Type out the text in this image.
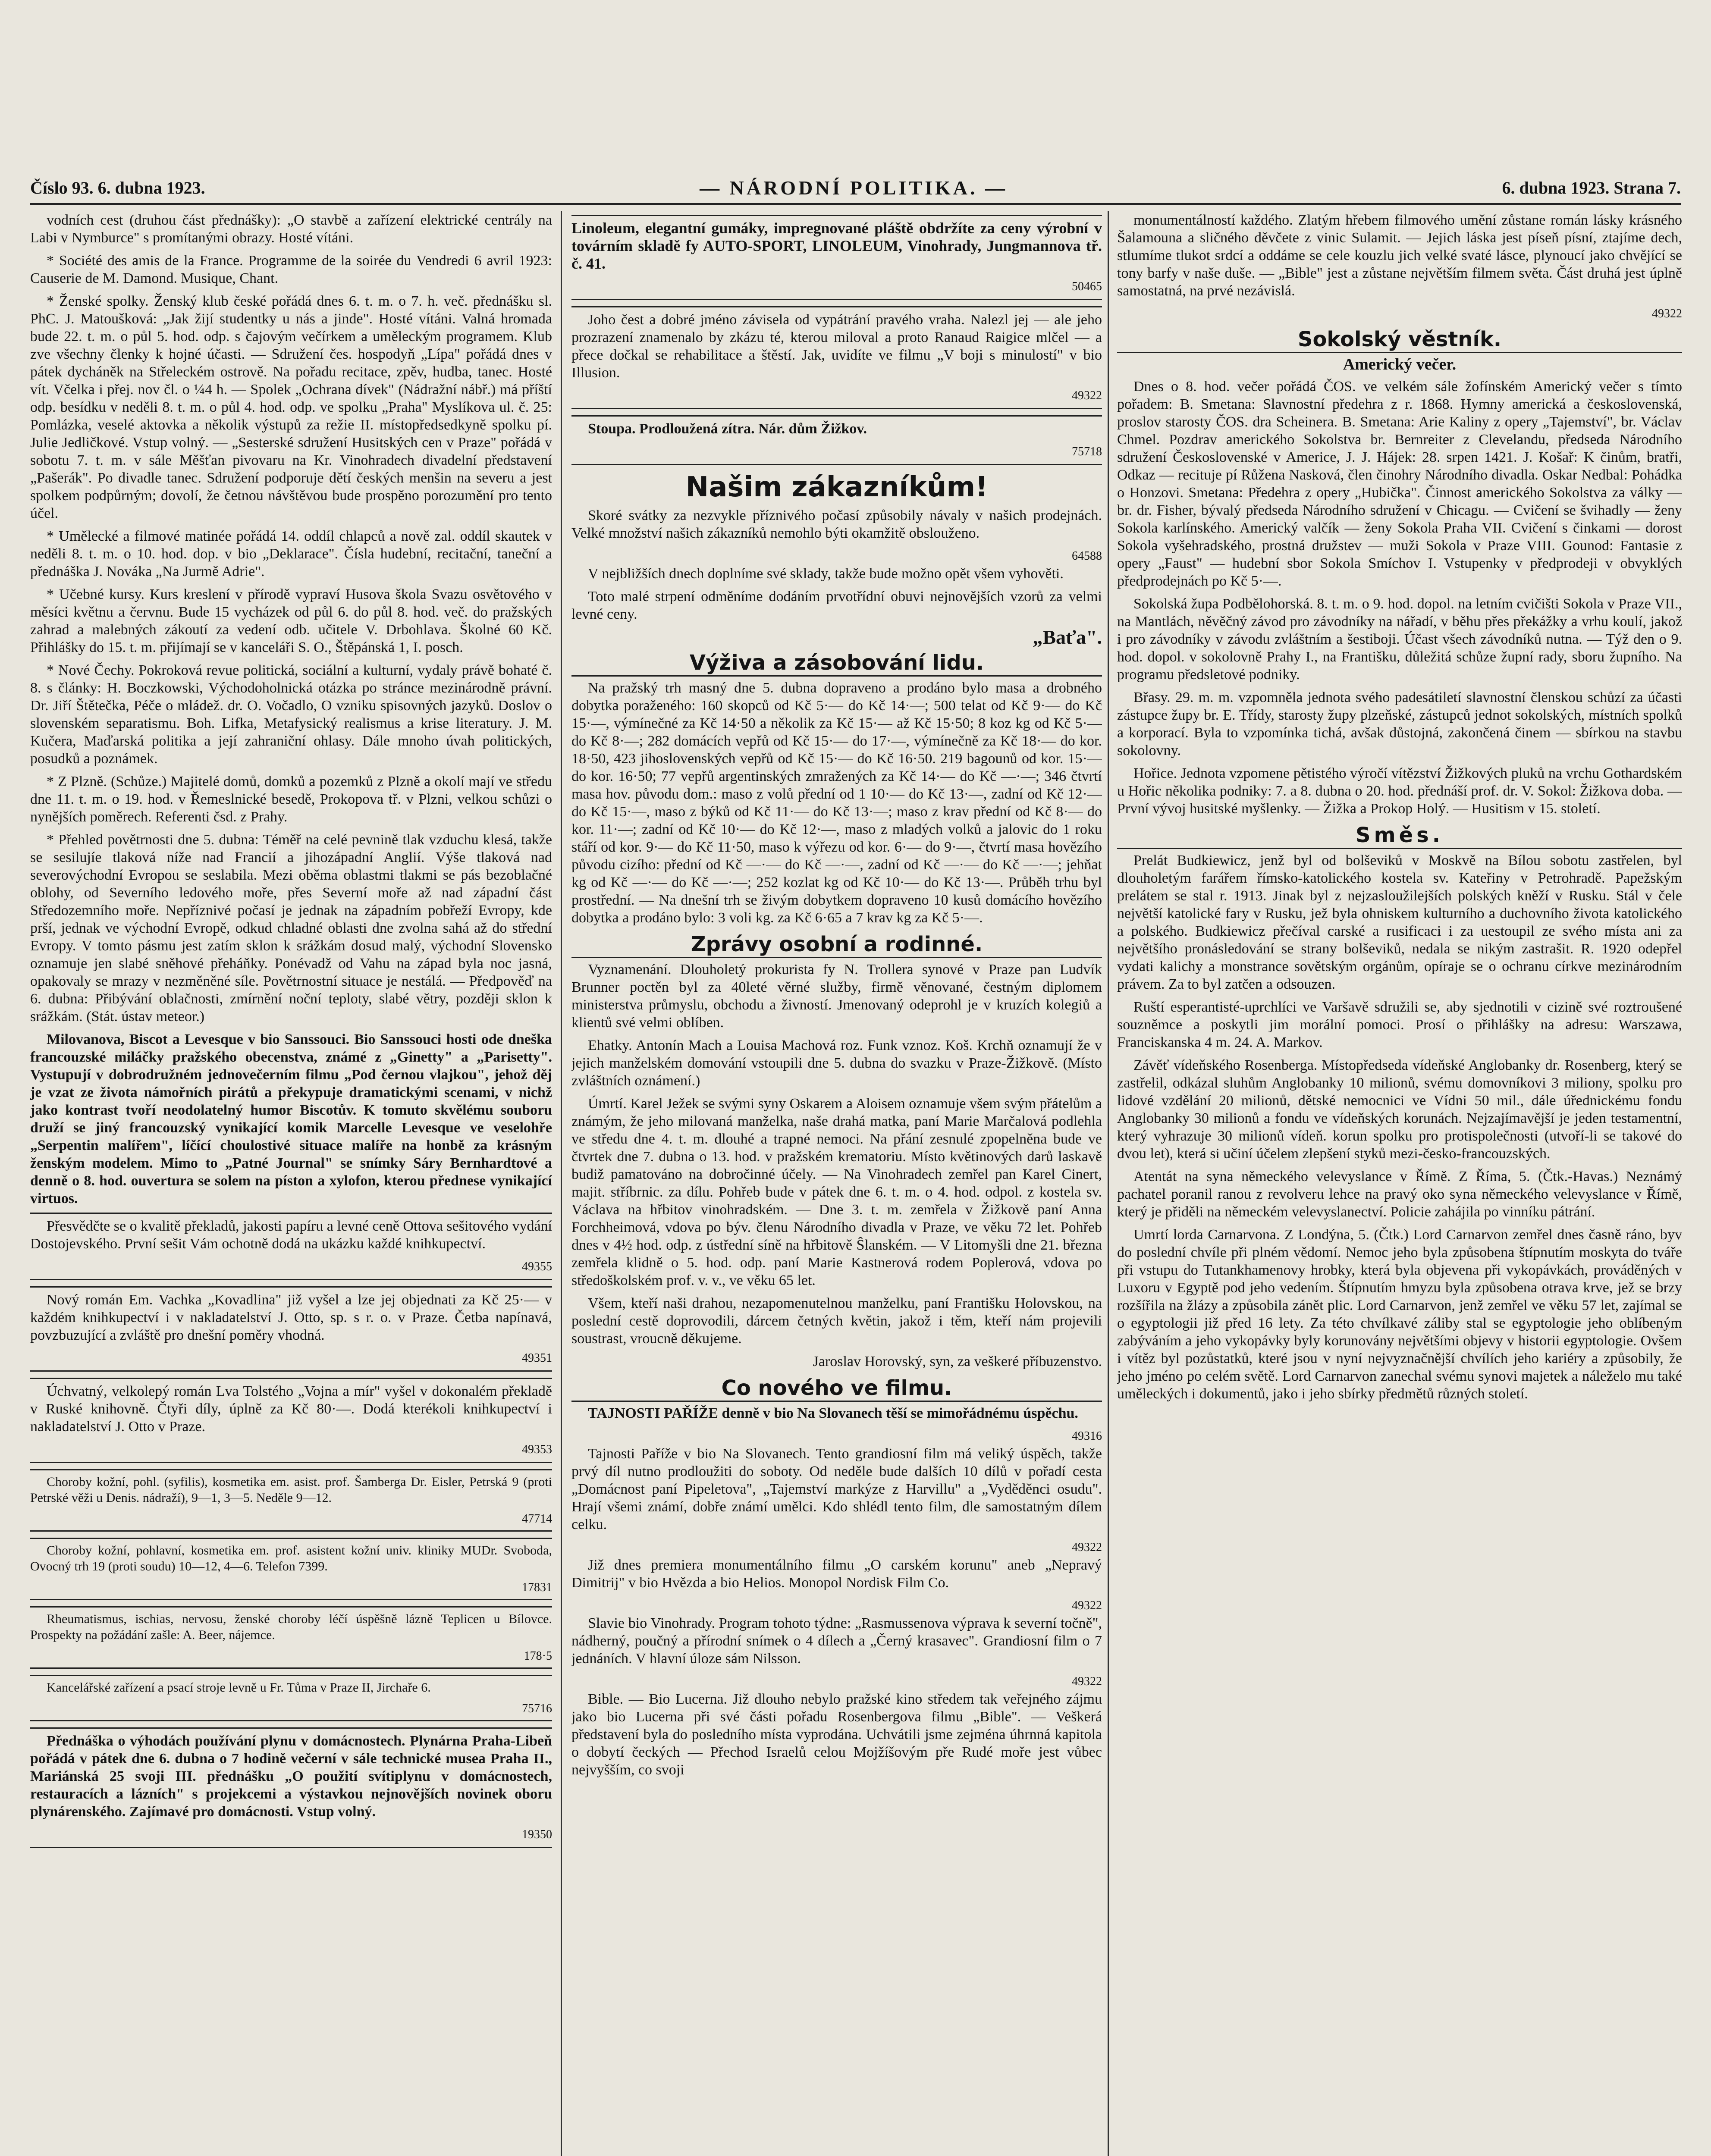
Číslo 93. 6. dubna 1923.	— NÁRODNÍ POLITIKA. —	6. dubna 1923. Strana 7.

vodních cest (druhou část přednášky): „O stavbě a zařízení elektrické centrály na Labi v Nymburce" s promítanými obrazy. Hosté vítáni.

* Société des amis de la France. Programme de la soirée du Vendredi 6 avril 1923: Causerie de M. Damond. Musique, Chant.

* Ženské spolky. Ženský klub české pořádá dnes 6. t. m. o 7. h. več. přednášku sl. PhC. J. Matoušková: „Jak žijí studentky u nás a jinde". Hosté vítáni. Valná hromada bude 22. t. m. o půl 5. hod. odp. s čajovým večírkem a uměleckým programem. Klub zve všechny členky k hojné účasti. — Sdružení čes. hospodyň „Lípa" pořádá dnes v pátek dycháněk na Střeleckém ostrově. Na pořadu recitace, zpěv, hudba, tanec. Hosté vít. Včelka i přej. nov čl. o ¼4 h. — Spolek „Ochrana dívek" (Nádražní nábř.) má příští odp. besídku v neděli 8. t. m. o půl 4. hod. odp. ve spolku „Praha" Myslíkova ul. č. 25: Pomlázka, veselé aktovka a několik výstupů za režie II. místopředsedkyně spolku pí. Julie Jedličkové. Vstup volný. — „Sesterské sdružení Husitských cen v Praze" pořádá v sobotu 7. t. m. v sále Měšťan pivovaru na Kr. Vinohradech divadelní představení „Pašerák". Po divadle tanec. Sdružení podporuje dětí českých menšin na severu a jest spolkem podpůrným; dovolí, že četnou návštěvou bude prospěno porozumění pro tento účel.

* Umělecké a filmové matinée pořádá 14. oddíl chlapců a nově zal. oddíl skautek v neděli 8. t. m. o 10. hod. dop. v bio „Deklarace". Čísla hudební, recitační, taneční a přednáška J. Nováka „Na Jurmě Adrie".

* Učebné kursy. Kurs kreslení v přírodě vypraví Husova škola Svazu osvětového v měsíci květnu a červnu. Bude 15 vycházek od půl 6. do půl 8. hod. več. do pražských zahrad a malebných zákoutí za vedení odb. učitele V. Drbohlava. Školné 60 Kč. Přihlášky do 15. t. m. přijímají se v kanceláři S. O., Štěpánská 1, I. posch.

* Nové Čechy. Pokroková revue politická, sociální a kulturní, vydaly právě bohaté č. 8. s články: H. Boczkowski, Východoholnická otázka po stránce mezinárodně právní. Dr. Jiří Štětečka, Péče o mládež. dr. O. Vočadlo, O vzniku spisovných jazyků. Doslov o slovenském separatismu. Boh. Lifka, Metafysický realismus a krise literatury. J. M. Kučera, Maďarská politika a její zahraniční ohlasy. Dále mnoho úvah politických, posudků a poznámek.

* Z Plzně. (Schůze.) Majitelé domů, domků a pozemků z Plzně a okolí mají ve středu dne 11. t. m. o 19. hod. v Řemeslnické besedě, Prokopova tř. v Plzni, velkou schůzi o nynějších poměrech. Referenti čsd. z Prahy.

* Přehled povětrnosti dne 5. dubna: Téměř na celé pevnině tlak vzduchu klesá, takže se sesilujíe tlaková níže nad Francií a jihozápadní Anglií. Výše tlaková nad severovýchodní Evropou se seslabila. Mezi oběma oblastmi tlakmi se pás bezoblačné oblohy, od Severního ledového moře, přes Severní moře až nad západní část Středozemního moře. Nepříznivé počasí je jednak na západním pobřeží Evropy, kde prší, jednak ve východní Evropě, odkud chladné oblasti dne zvolna sahá až do střední Evropy. V tomto pásmu jest zatím sklon k srážkám dosud malý, východní Slovensko oznamuje jen slabé sněhové přeháňky. Ponévadž od Vahu na západ byla noc jasná, opakovaly se mrazy v nezměněné síle. Povětrnostní situace je nestálá. — Předpověď na 6. dubna: Přibývání oblačnosti, zmírnění noční teploty, slabé větry, později sklon k srážkám. (Stát. ústav meteor.)

Milovanova, Biscot a Levesque v bio Sanssouci. Bio Sanssouci hosti ode dneška francouzské miláčky pražského obecenstva, známé z „Ginetty" a „Parisetty". Vystupují v dobrodružném jednovečerním filmu „Pod černou vlajkou", jehož děj je vzat ze života námořních pirátů a překypuje dramatickými scenami, v nichž jako kontrast tvoří neodolatelný humor Biscotův. K tomuto skvělému souboru druží se jiný francouzský vynikající komik Marcelle Levesque ve veselohře „Serpentin malířem", líčící choulostivé situace malíře na honbě za krásným ženským modelem. Mimo to „Patné Journal" se snímky Sáry Bernhardtové a denně o 8. hod. ouvertura se solem na píston a xylofon, kterou přednese vynikající virtuos.

Přesvědčte se o kvalitě překladů, jakosti papíru a levné ceně Ottova sešitového vydání Dostojevského. První sešit Vám ochotně dodá na ukázku každé knihkupectví.

49355

Nový román Em. Vachka „Kovadlina" již vyšel a lze jej objednati za Kč 25·— v každém knihkupectví i v nakladatelství J. Otto, sp. s r. o. v Praze. Četba napínavá, povzbuzující a zvláště pro dnešní poměry vhodná.

49351

Úchvatný, velkolepý román Lva Tolstého „Vojna a mír" vyšel v dokonalém překladě v Ruské knihovně. Čtyři díly, úplně za Kč 80·—. Dodá kterékoli knihkupectví i nakladatelství J. Otto v Praze.

49353

Choroby kožní, pohl. (syfilis), kosmetika em. asist. prof. Šamberga Dr. Eisler, Petrská 9 (proti Petrské věži u Denis. nádraží), 9—1, 3—5. Neděle 9—12.

47714

Choroby kožní, pohlavní, kosmetika em. prof. asistent kožní univ. kliniky MUDr. Svoboda, Ovocný trh 19 (proti soudu) 10—12, 4—6. Telefon 7399.

17831

Rheumatismus, ischias, nervosu, ženské choroby léčí úspěšně lázně Teplicen u Bílovce. Prospekty na požádání zašle: A. Beer, nájemce.

178·5

Kancelářské zařízení a psací stroje levně u Fr. Tůma v Praze II, Jirchaře 6.

75716

Přednáška o výhodách používání plynu v domácnostech. Plynárna Praha-Libeň pořádá v pátek dne 6. dubna o 7 hodině večerní v sále technické musea Praha II., Mariánská 25 svoji III. přednášku „O použití svítiplynu v domácnostech, restauracích a lázních" s projekcemi a výstavkou nejnovějších novinek oboru plynárenského. Zajímavé pro domácnosti. Vstup volný.

19350

Linoleum, elegantní gumáky, impregnované pláště obdržíte za ceny výrobní v továrním skladě fy AUTO-SPORT, LINOLEUM, Vinohrady, Jungmannova tř. č. 41.

50465

Joho čest a dobré jméno závisela od vypátrání pravého vraha. Nalezl jej — ale jeho prozrazení znamenalo by zkázu té, kterou miloval a proto Ranaud Raigice mlčel — a přece dočkal se rehabilitace a štěstí. Jak, uvidíte ve filmu „V boji s minulostí" v bio Illusion.

49322

Stoupa. Prodloužená zítra. Nár. dům Žižkov.

75718
Našim zákazníkům!

Skoré svátky za nezvykle příznivého počasí způsobily návaly v našich prodejnách. Velké množství našich zákazníků nemohlo býti okamžitě obslouženo.

64588

V nejbližších dnech doplníme své sklady, takže bude možno opět všem vyhověti.

Toto malé strpení odměníme dodáním prvotřídní obuvi nejnovějších vzorů za velmi levné ceny.

„Baťa".
Výživa a zásobování lidu.

Na pražský trh masný dne 5. dubna dopraveno a prodáno bylo masa a drobného dobytka poraženého: 160 skopců od Kč 5·— do Kč 14·—; 500 telat od Kč 9·— do Kč 15·—, výmínečné za Kč 14·50 a několik za Kč 15·— až Kč 15·50; 8 koz kg od Kč 5·— do Kč 8·—; 282 domácích vepřů od Kč 15·— do 17·—, výmínečně za Kč 18·— do kor. 18·50, 423 jihoslovenských vepřů od Kč 15·— do Kč 16·50. 219 bagounů od kor. 15·— do kor. 16·50; 77 vepřů argentinských zmražených za Kč 14·— do Kč —·—; 346 čtvrtí masa hov. původu dom.: maso z volů přední od 1 10·— do Kč 13·—, zadní od Kč 12·— do Kč 15·—, maso z býků od Kč 11·— do Kč 13·—; maso z krav přední od Kč 8·— do kor. 11·—; zadní od Kč 10·— do Kč 12·—, maso z mladých volků a jalovic do 1 roku stáří od kor. 9·— do Kč 11·50, maso k výřezu od kor. 6·— do 9·—, čtvrtí masa hovězího původu cizího: přední od Kč —·— do Kč —·—, zadní od Kč —·— do Kč —·—; jehňat kg od Kč —·— do Kč —·—; 252 kozlat kg od Kč 10·— do Kč 13·—. Průběh trhu byl prostřední. — Na dnešní trh se živým dobytkem dopraveno 10 kusů domácího hovězího dobytka a prodáno bylo: 3 voli kg. za Kč 6·65 a 7 krav kg za Kč 5·—.

Zprávy osobní a rodinné.

Vyznamenání. Dlouholetý prokurista fy N. Trollera synové v Praze pan Ludvík Brunner poctěn byl za 40leté věrné služby, firmě věnované, čestným diplomem ministerstva průmyslu, obchodu a živností. Jmenovaný odeprohl je v kruzích kolegiů a klientů své velmi oblíben.

Ehatky. Antonín Mach a Louisa Machová roz. Funk vznoz. Koš. Krchň oznamují že v jejich manželském domování vstoupili dne 5. dubna do svazku v Praze-Žižkově. (Místo zvláštních oznámení.)

Úmrtí. Karel Ježek se svými syny Oskarem a Aloisem oznamuje všem svým přátelům a známým, že jeho milovaná manželka, naše drahá matka, paní Marie Marčalová podlehla ve středu dne 4. t. m. dlouhé a trapné nemoci. Na přání zesnulé zpopelněna bude ve čtvrtek dne 7. dubna o 13. hod. v pražském krematoriu. Místo květinových darů laskavě budiž pamatováno na dobročinné účely. — Na Vinohradech zemřel pan Karel Cinert, majit. stříbrnic. za dílu. Pohřeb bude v pátek dne 6. t. m. o 4. hod. odpol. z kostela sv. Václava na hřbitov vinohradském. — Dne 3. t. m. zemřela v Žižkově paní Anna Forchheimová, vdova po býv. členu Národního divadla v Praze, ve věku 72 let. Pohřeb dnes v 4½ hod. odp. z ústřední síně na hřbitově Ŝlanském. — V Litomyšli dne 21. března zemřela klidně o 5. hod. odp. paní Marie Kastnerová rodem Poplerová, vdova po středoškolském prof. v. v., ve věku 65 let.

Všem, kteří naši drahou, nezapomenutelnou manželku, paní Františku Holovskou, na poslední cestě doprovodili, dárcem četných květin, jakož i těm, kteří nám projevili soustrast, vroucně děkujeme.

Jaroslav Horovský, syn, za veškeré příbuzenstvo.

Co nového ve filmu.

TAJNOSTI PAŘÍŽE denně v bio Na Slovanech těší se mimořádnému úspěchu.

49316

Tajnosti Paříže v bio Na Slovanech. Tento grandiosní film má veliký úspěch, takže prvý díl nutno prodloužiti do soboty. Od neděle bude dalších 10 dílů v pořadí cesta „Domácnost paní Pipeletova", „Tajemství markýze z Harvillu" a „Vyděděnci osudu". Hrají všemi známí, dobře známí umělci. Kdo shlédl tento film, dle samostatným dílem celku.

49322

Již dnes premiera monumentálního filmu „O carském korunu" aneb „Nepravý Dimitrij" v bio Hvězda a bio Helios. Monopol Nordisk Film Co.

49322

Slavie bio Vinohrady. Program tohoto týdne: „Rasmussenova výprava k severní točně", nádherný, poučný a přírodní snímek o 4 dílech a „Černý krasavec". Grandiosní film o 7 jednáních. V hlavní úloze sám Nilsson.

49322

Bible. — Bio Lucerna. Již dlouho nebylo pražské kino středem tak veřejného zájmu jako bio Lucerna při své části pořadu Rosenbergova filmu „Bible". — Veškerá představení byla do posledního místa vyprodána. Uchvátili jsme zejména úhrnná kapitola o dobytí čeckých — Přechod Israelů celou Mojžíšovým pře Rudé moře jest vůbec nejvyšším, co svoji

monumentálností každého. Zlatým hřebem filmového umění zůstane román lásky krásného Šalamouna a sličného děvčete z vinic Sulamit. — Jejich láska jest píseň písní, ztajíme dech, stlumíme tlukot srdcí a oddáme se cele kouzlu jich velké svaté lásce, plynoucí jako chvějící se tony barfy v naše duše. — „Bible" jest a zůstane největším filmem světa. Část druhá jest úplně samostatná, na prvé nezávislá.

49322
Sokolský věstník.
Americký večer.

Dnes o 8. hod. večer pořádá ČOS. ve velkém sále žofínském Americký večer s tímto pořadem: B. Smetana: Slavnostní předehra z r. 1868. Hymny americká a československá, proslov starosty ČOS. dra Scheinera. B. Smetana: Arie Kaliny z opery „Tajemství", br. Václav Chmel. Pozdrav amerického Sokolstva br. Bernreiter z Clevelandu, předseda Národního sdružení Československé v Americe, J. J. Hájek: 28. srpen 1421. J. Košař: K činům, bratři, Odkaz — recituje pí Růžena Nasková, člen činohry Národního divadla. Oskar Nedbal: Pohádka o Honzovi. Smetana: Předehra z opery „Hubička". Činnost amerického Sokolstva za války — br. dr. Fisher, bývalý předseda Národního sdružení v Chicagu. — Cvičení se švihadly — ženy Sokola karlínského. Americký valčík — ženy Sokola Praha VII. Cvičení s činkami — dorost Sokola vyšehradského, prostná družstev — muži Sokola v Praze VIII. Gounod: Fantasie z opery „Faust" — hudební sbor Sokola Smíchov I. Vstupenky v předprodeji v obvyklých předprodejnách po Kč 5·—.

Sokolská župa Podbělohorská. 8. t. m. o 9. hod. dopol. na letním cvičišti Sokola v Praze VII., na Mantlách, něvěčný závod pro závodníky na nářadí, v běhu přes překážky a vrhu koulí, jakož i pro závodníky v závodu zvláštním a šestiboji. Účast všech závodníků nutna. — Týž den o 9. hod. dopol. v sokolovně Prahy I., na Františku, důležitá schůze župní rady, sboru župního. Na programu předsletové podniky.

Břasy. 29. m. m. vzpomněla jednota svého padesátiletí slavnostní členskou schůzí za účasti zástupce župy br. E. Třídy, starosty župy plzeňské, zástupců jednot sokolských, místních spolků a korporací. Byla to vzpomínka tichá, avšak důstojná, zakončená činem — sbírkou na stavbu sokolovny.

Hořice. Jednota vzpomene pětistého výročí vítězství Žižkových pluků na vrchu Gothardském u Hořic několika podniky: 7. a 8. dubna o 20. hod. přednáší prof. dr. V. Sokol: Žižkova doba. — První vývoj husitské myšlenky. — Žižka a Prokop Holý. — Husitism v 15. století.

Směs.

Prelát Budkiewicz, jenž byl od bolševiků v Moskvě na Bílou sobotu zastřelen, byl dlouholetým farářem římsko-katolického kostela sv. Kateřiny v Petrohradě. Papežským prelátem se stal r. 1913. Jinak byl z nejzasloužilejších polských kněží v Rusku. Stál v čele největší katolické fary v Rusku, jež byla ohniskem kulturního a duchovního života katolického a polského. Budkiewicz přečíval carské a rusificaci i za uestoupil ze svého místa ani za největšího pronásledování se strany bolševiků, nedala se nikým zastrašit. R. 1920 odepřel vydati kalichy a monstrance sovětským orgánům, opíraje se o ochranu církve mezinárodním právem. Za to byl zatčen a odsouzen.

Ruští esperantisté-uprchlíci ve Varšavě sdružili se, aby sjednotili v cizině své roztroušené souzněmce a poskytli jim morální pomoci. Prosí o přihlášky na adresu: Warszawa, Franciskanska 4 m. 24. A. Markov.

Závěť vídeňského Rosenberga. Místopředseda vídeňské Anglobanky dr. Rosenberg, který se zastřelil, odkázal sluhům Anglobanky 10 milionů, svému domovníkovi 3 miliony, spolku pro lidové vzdělání 20 milionů, dětské nemocnici ve Vídni 50 mil., dále úřednickému fondu Anglobanky 30 milionů a fondu ve vídeňských korunách. Nejzajímavější je jeden testamentní, který vyhrazuje 30 milionů vídeň. korun spolku pro protispolečnosti (utvoří-li se takové do dvou let), která si učiní účelem zlepšení styků mezi-česko-francouzských.

Atentát na syna německého velevyslance v Římě. Z Říma, 5. (Čtk.-Havas.) Neznámý pachatel poranil ranou z revolveru lehce na pravý oko syna německého velevyslance v Římě, který je přiděli na německém velevyslanectví. Policie zahájila po vinníku pátrání.

Umrtí lorda Carnarvona. Z Londýna, 5. (Čtk.) Lord Carnarvon zemřel dnes časně ráno, byv do poslední chvíle při plném vědomí. Nemoc jeho byla způsobena štípnutím moskyta do tváře při vstupu do Tutankhamenovy hrobky, která byla objevena při vykopávkách, prováděných v Luxoru v Egyptě pod jeho vedením. Štípnutím hmyzu byla způsobena otrava krve, jež se brzy rozšířila na žlázy a způsobila zánět plic. Lord Carnarvon, jenž zemřel ve věku 57 let, zajímal se o egyptologii již před 16 lety. Za této chvílkavé záliby stal se egyptologie jeho oblíbeným zabýváním a jeho vykopávky byly korunovány největšími objevy v historii egyptologie. Ovšem i vítěz byl pozůstatků, které jsou v nyní nejvyznačnější chvílích jeho kariéry a způsobily, že jeho jméno po celém světě. Lord Carnarvon zanechal svému synovi majetek a náleželo mu také uměleckých i dokumentů, jako i jeho sbírky předmětů různých století.
